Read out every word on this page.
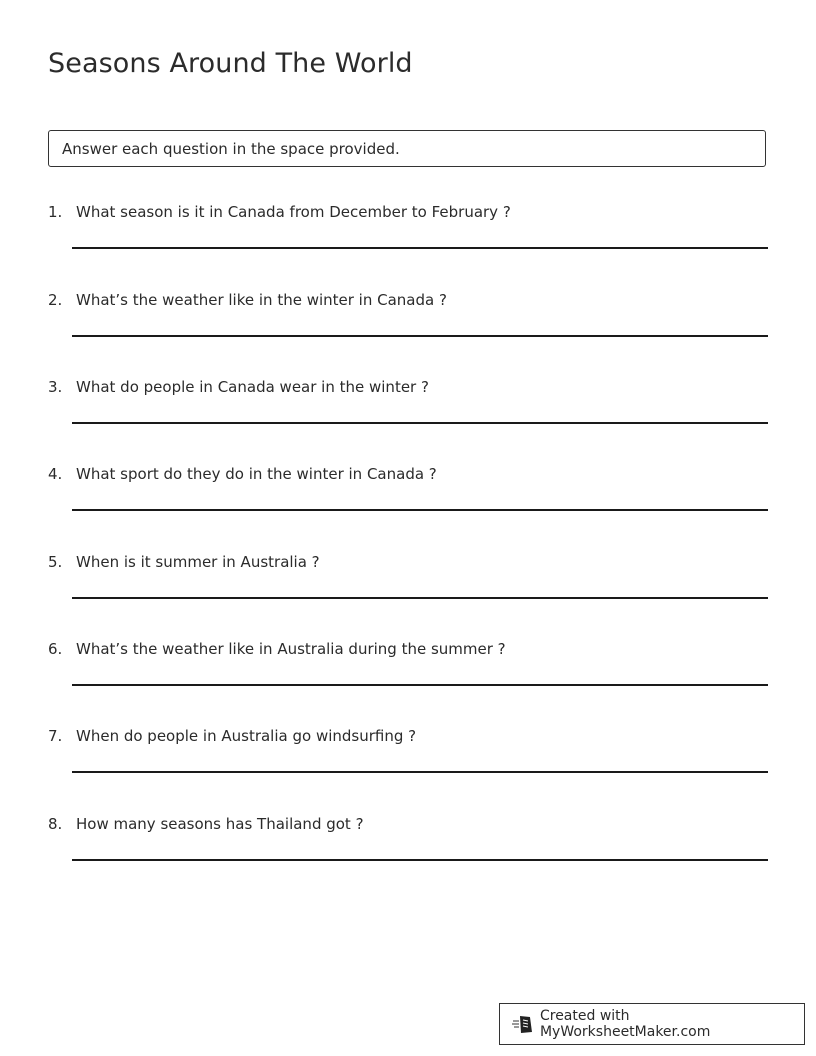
Seasons Around The World
Answer each question in the space provided.
1. What season is it in Canada from December to February ?
2. What’s the weather like in the winter in Canada ?
3. What do people in Canada wear in the winter ?
4. What sport do they do in the winter in Canada ?
5. When is it summer in Australia ?
6. What’s the weather like in Australia during the summer ?
7. When do people in Australia go windsurfing ?
8. How many seasons has Thailand got ?
Created with MyWorksheetMaker.com
